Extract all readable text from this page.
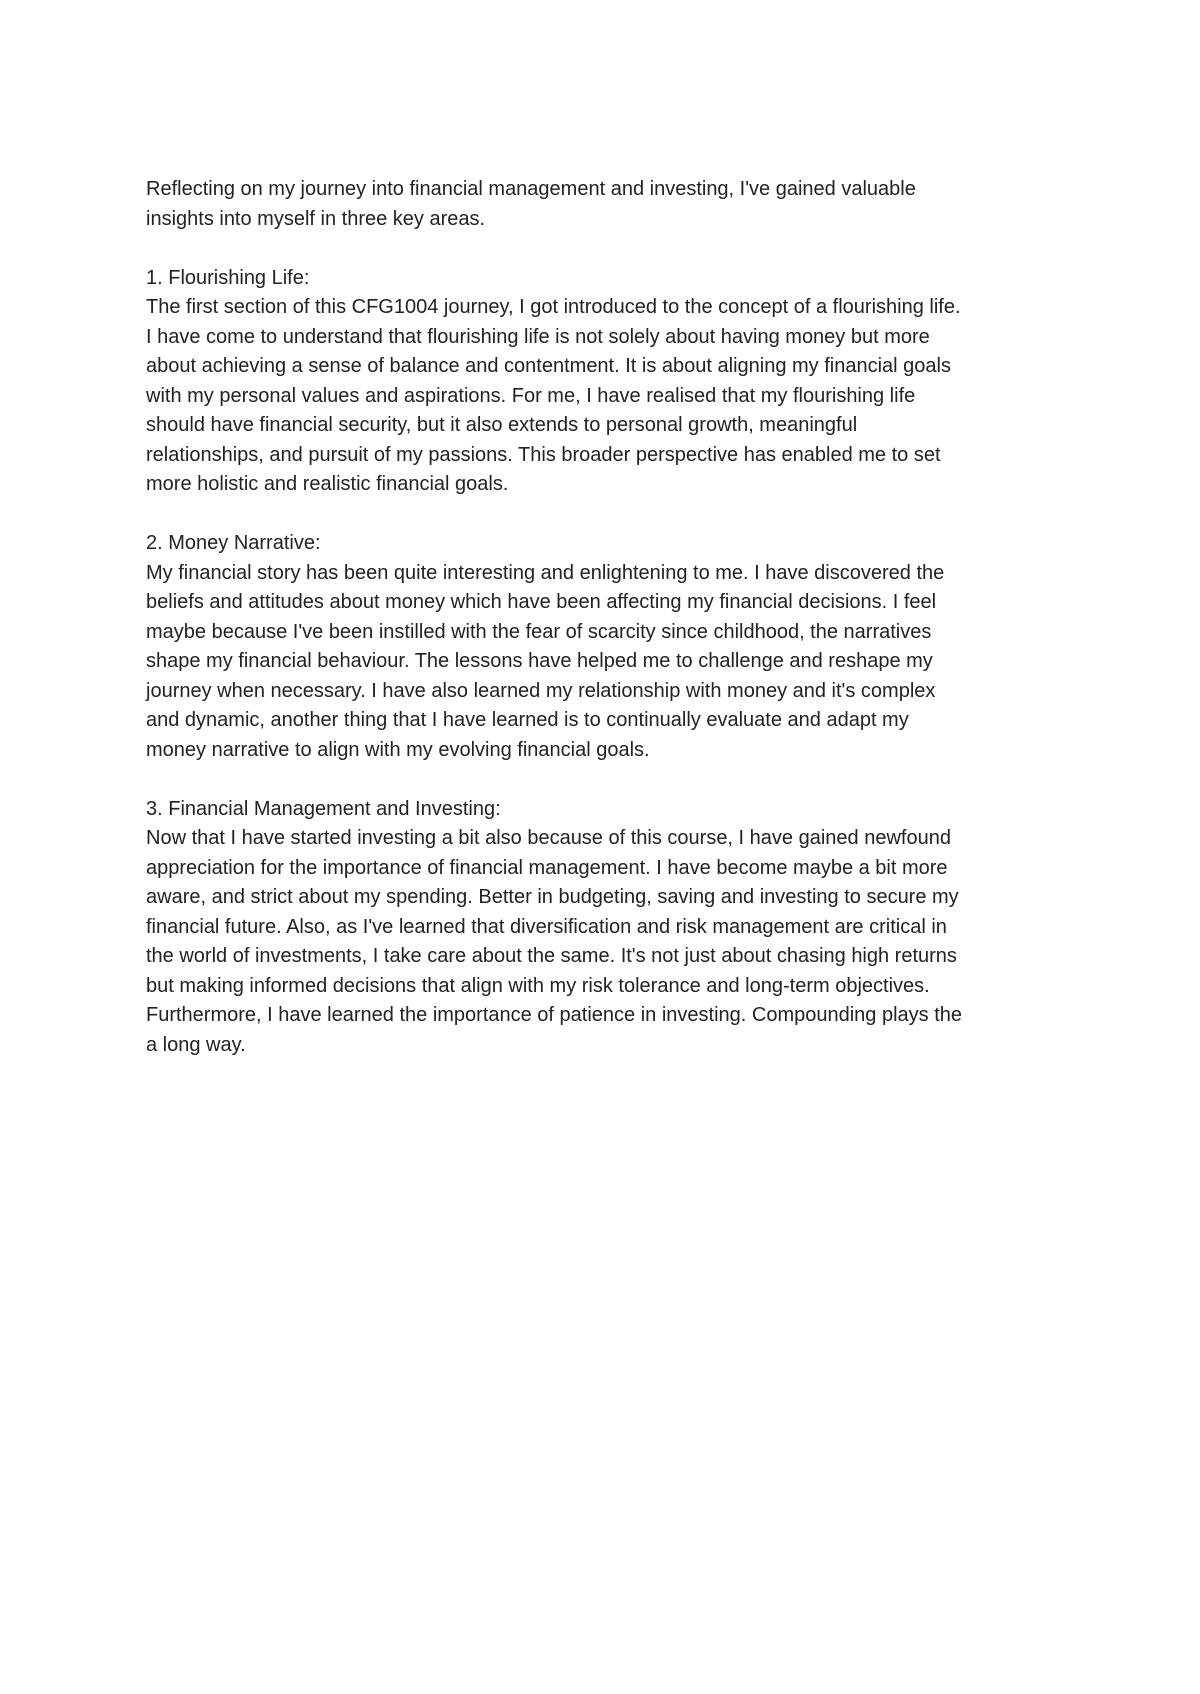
Reflecting on my journey into financial management and investing, I've gained valuable
insights into myself in three key areas.
1. Flourishing Life:
The first section of this CFG1004 journey, I got introduced to the concept of a flourishing life.
I have come to understand that flourishing life is not solely about having money but more
about achieving a sense of balance and contentment. It is about aligning my financial goals
with my personal values and aspirations. For me, I have realised that my flourishing life
should have financial security, but it also extends to personal growth, meaningful
relationships, and pursuit of my passions. This broader perspective has enabled me to set
more holistic and realistic financial goals.
2. Money Narrative:
My financial story has been quite interesting and enlightening to me. I have discovered the
beliefs and attitudes about money which have been affecting my financial decisions. I feel
maybe because I've been instilled with the fear of scarcity since childhood, the narratives
shape my financial behaviour. The lessons have helped me to challenge and reshape my
journey when necessary. I have also learned my relationship with money and it's complex
and dynamic, another thing that I have learned is to continually evaluate and adapt my
money narrative to align with my evolving financial goals.
3. Financial Management and Investing:
Now that I have started investing a bit also because of this course, I have gained newfound
appreciation for the importance of financial management. I have become maybe a bit more
aware, and strict about my spending. Better in budgeting, saving and investing to secure my
financial future. Also, as I've learned that diversification and risk management are critical in
the world of investments, I take care about the same. It's not just about chasing high returns
but making informed decisions that align with my risk tolerance and long-term objectives.
Furthermore, I have learned the importance of patience in investing. Compounding plays the
a long way.
